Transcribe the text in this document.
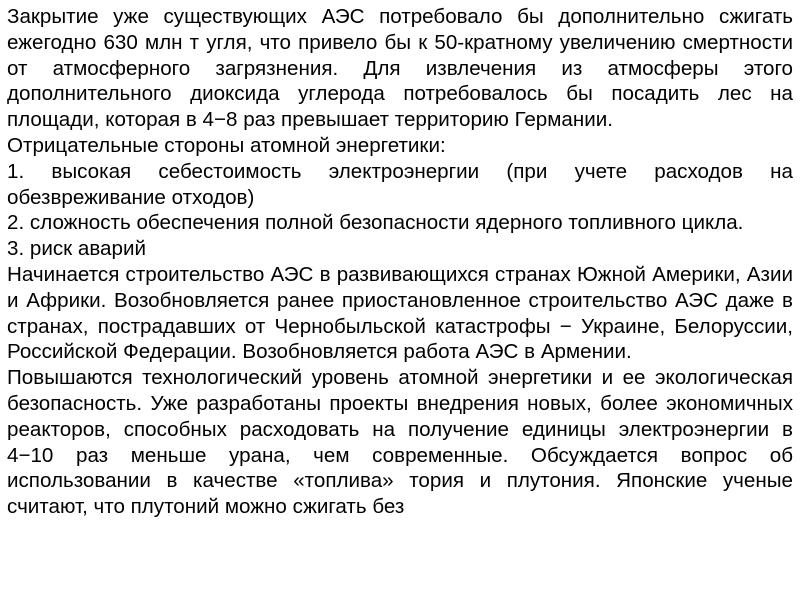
Закрытие уже существующих АЭС потребовало бы дополнительно сжигать ежегодно 630 млн т угля, что привело бы к 50-кратному увеличению смертности от атмосферного загрязнения. Для извлечения из атмосферы этого дополнительного диоксида углерода потребовалось бы посадить лес на площади, которая в 4−8 раз превышает территорию Германии.

Отрицательные стороны атомной энергетики:

1. высокая себестоимость электроэнергии (при учете расходов на обезвреживание отходов)

2. сложность обеспечения полной безопасности ядерного топливного цикла.

3. риск аварий

Начинается строительство АЭС в развивающихся странах Южной Америки, Азии и Африки. Возобновляется ранее приостановленное строительство АЭС даже в странах, пострадавших от Чернобыльской катастрофы − Украине, Белоруссии, Российской Федерации. Возобновляется работа АЭС в Армении.

Повышаются технологический уровень атомной энергетики и ее экологическая безопасность. Уже разработаны проекты внедрения новых, более экономичных реакторов, способных расходовать на получение единицы электроэнергии в 4−10 раз меньше урана, чем современные. Обсуждается вопрос об использовании в качестве «топлива» тория и плутония. Японские ученые считают, что плутоний можно сжигать без
